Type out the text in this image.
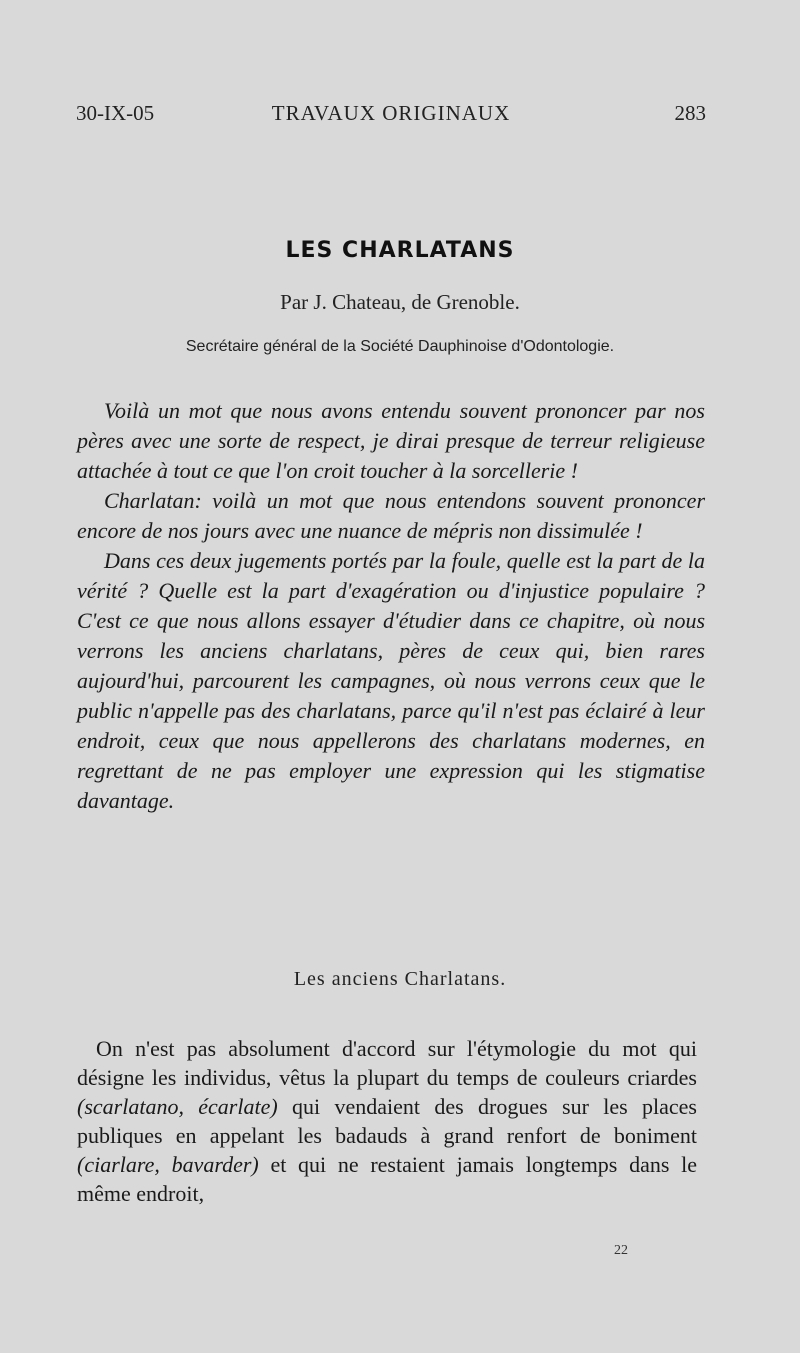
30-IX-05	TRAVAUX ORIGINAUX	283
LES CHARLATANS
Par J. Chateau, de Grenoble.
Secrétaire général de la Société Dauphinoise d'Odontologie.

Voilà un mot que nous avons entendu souvent prononcer par nos pères avec une sorte de respect, je dirai presque de terreur religieuse attachée à tout ce que l'on croit toucher à la sorcellerie !

Charlatan: voilà un mot que nous entendons souvent prononcer encore de nos jours avec une nuance de mépris non dissimulée !

Dans ces deux jugements portés par la foule, quelle est la part de la vérité ? Quelle est la part d'exagération ou d'injustice populaire ? C'est ce que nous allons essayer d'étudier dans ce chapitre, où nous verrons les anciens charlatans, pères de ceux qui, bien rares aujourd'hui, parcourent les campagnes, où nous verrons ceux que le public n'appelle pas des charlatans, parce qu'il n'est pas éclairé à leur endroit, ceux que nous appellerons des charlatans modernes, en regrettant de ne pas employer une expression qui les stigmatise davantage.

Les anciens Charlatans.

On n'est pas absolument d'accord sur l'étymologie du mot qui désigne les individus, vêtus la plupart du temps de couleurs criardes (scarlatano, écarlate) qui vendaient des drogues sur les places publiques en appelant les badauds à grand renfort de boniment (ciarlare, bavarder) et qui ne restaient jamais longtemps dans le même endroit,

22
